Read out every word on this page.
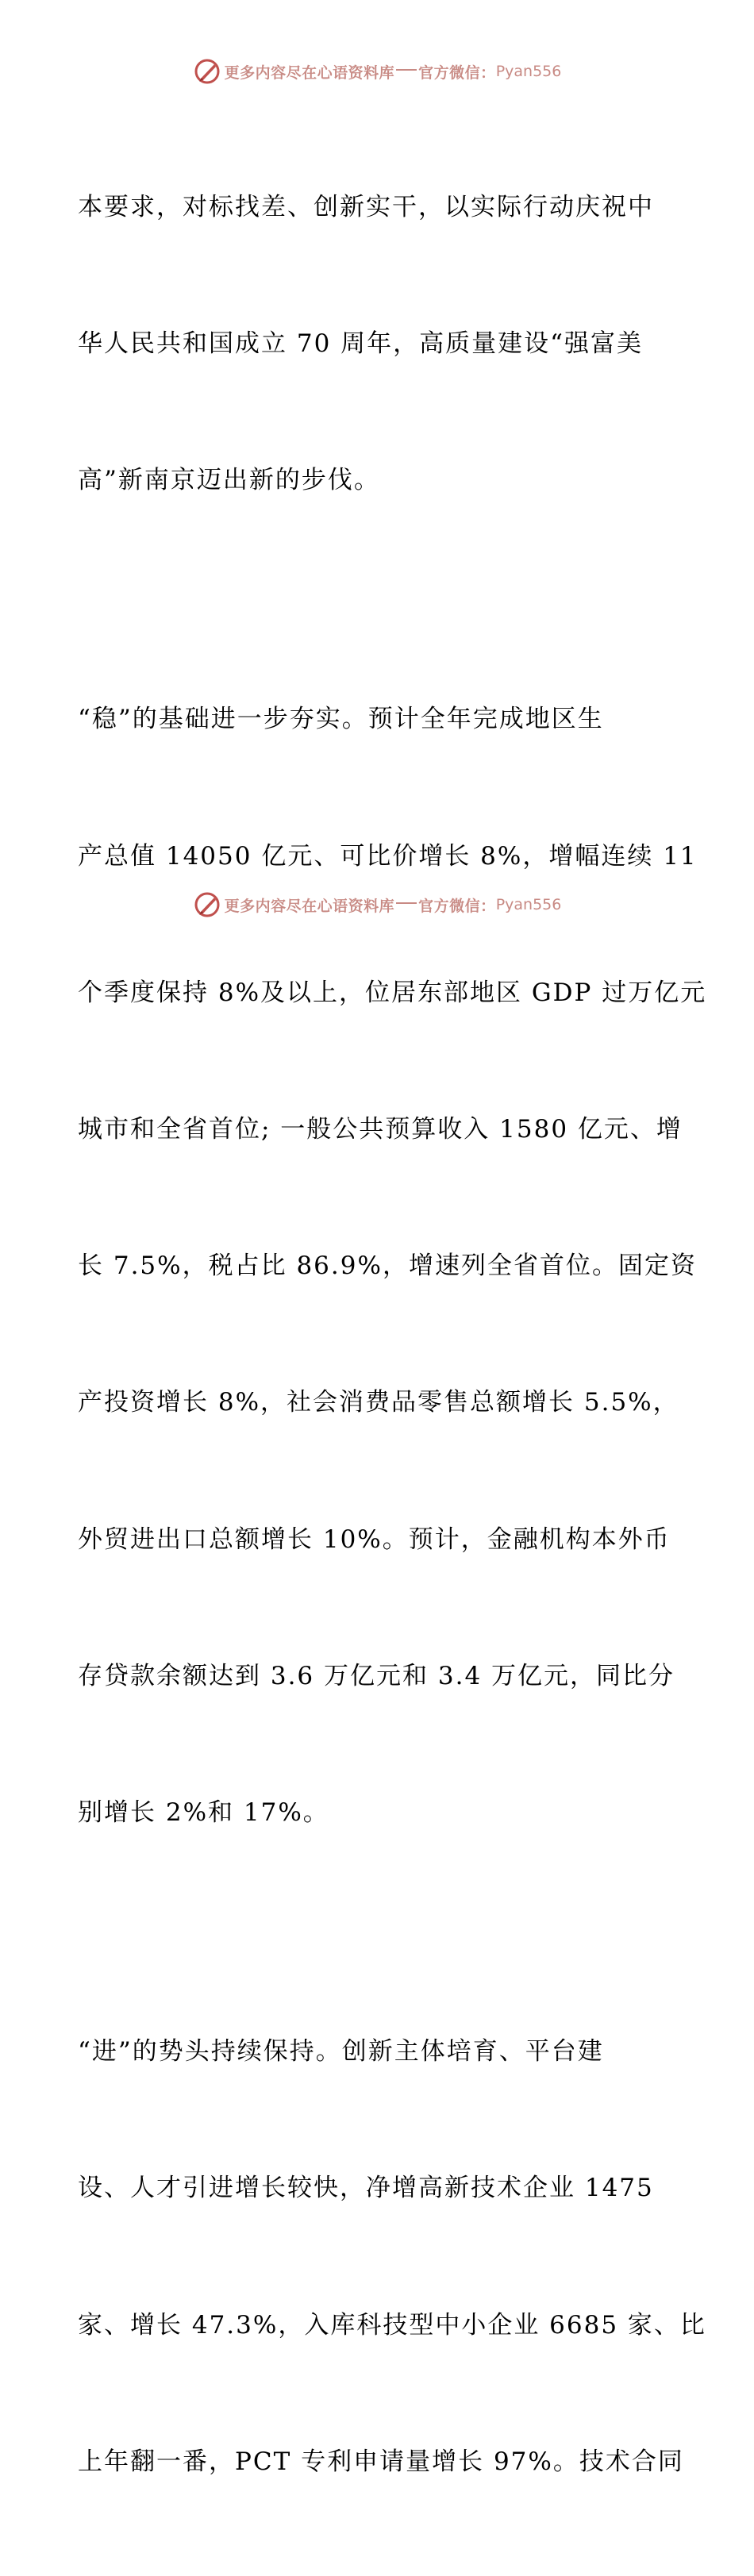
更多内容尽在心语资料库 官方微信： Pyan556

本要求，对标找差、创新实干，以实际行动庆祝中

华人民共和国成立 70 周年，高质量建设“强富美

高”新南京迈出新的步伐。

“稳”的基础进一步夯实。预计全年完成地区生

产总值 14050 亿元、可比价增长 8%，增幅连续 11

个季度保持 8%及以上，位居东部地区 GDP 过万亿元

城市和全省首位; 一般公共预算收入 1580 亿元、增

长 7.5%，税占比 86.9%，增速列全省首位。固定资

产投资增长 8%，社会消费品零售总额增长 5.5%，

外贸进出口总额增长 10%。预计，金融机构本外币

存贷款余额达到 3.6 万亿元和 3.4 万亿元，同比分

别增长 2%和 17%。

“进”的势头持续保持。创新主体培育、平台建

设、人才引进增长较快，净增高新技术企业 1475

家、增长 47.3%，入库科技型中小企业 6685 家、比

上年翻一番，PCT 专利申请量增长 97%。技术合同

更多内容尽在心语资料库 官方微信： Pyan556
